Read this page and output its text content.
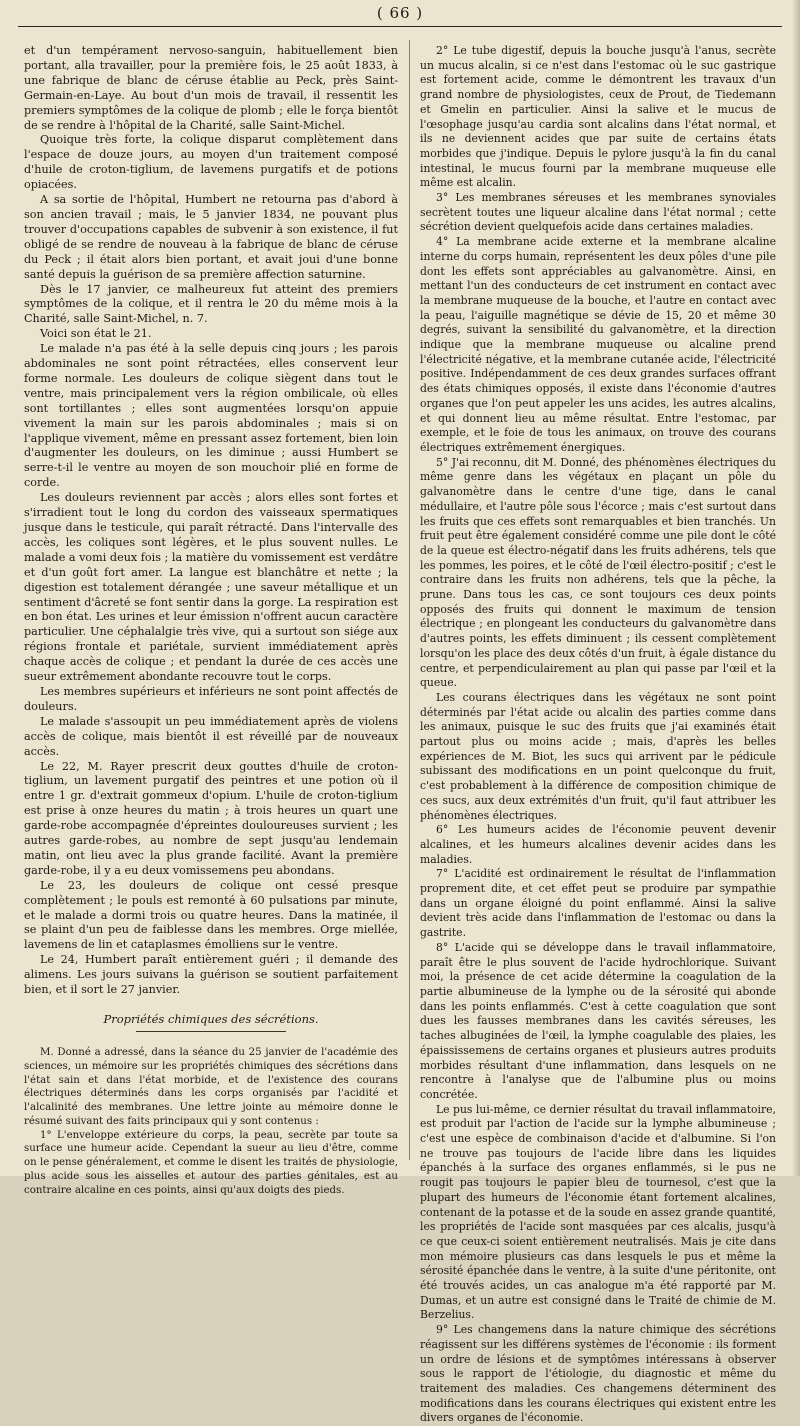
( 66 )

et d'un tempérament nervoso-sanguin, habituellement bien portant, alla travailler, pour la première fois, le 25 août 1833, à une fabrique de blanc de céruse établie au Peck, près Saint-Germain-en-Laye. Au bout d'un mois de travail, il ressentit les premiers symptômes de la colique de plomb ; elle le força bientôt de se rendre à l'hôpital de la Charité, salle Saint-Michel.

Quoique très forte, la colique disparut complètement dans l'espace de douze jours, au moyen d'un traitement composé d'huile de croton-tiglium, de lavemens purgatifs et de potions opiacées.

A sa sortie de l'hôpital, Humbert ne retourna pas d'abord à son ancien travail ; mais, le 5 janvier 1834, ne pouvant plus trouver d'occupations capables de subvenir à son existence, il fut obligé de se rendre de nouveau à la fabrique de blanc de céruse du Peck ; il était alors bien portant, et avait joui d'une bonne santé depuis la guérison de sa première affection saturnine.

Dès le 17 janvier, ce malheureux fut atteint des premiers symptômes de la colique, et il rentra le 20 du même mois à la Charité, salle Saint-Michel, n. 7.

Voici son état le 21.

Le malade n'a pas été à la selle depuis cinq jours ; les parois abdominales ne sont point rétractées, elles conservent leur forme normale. Les douleurs de colique siègent dans tout le ventre, mais principalement vers la région ombilicale, où elles sont tortillantes ; elles sont augmentées lorsqu'on appuie vivement la main sur les parois abdominales ; mais si on l'applique vivement, même en pressant assez fortement, bien loin d'augmenter les douleurs, on les diminue ; aussi Humbert se serre-t-il le ventre au moyen de son mouchoir plié en forme de corde.

Les douleurs reviennent par accès ; alors elles sont fortes et s'irradient tout le long du cordon des vaisseaux spermatiques jusque dans le testicule, qui paraît rétracté. Dans l'intervalle des accès, les coliques sont légères, et le plus souvent nulles. Le malade a vomi deux fois ; la matière du vomissement est verdâtre et d'un goût fort amer. La langue est blanchâtre et nette ; la digestion est totalement dérangée ; une saveur métallique et un sentiment d'âcreté se font sentir dans la gorge. La respiration est en bon état. Les urines et leur émission n'offrent aucun caractère particulier. Une céphalalgie très vive, qui a surtout son siége aux régions frontale et pariétale, survient immédiatement après chaque accès de colique ; et pendant la durée de ces accès une sueur extrêmement abondante recouvre tout le corps.

Les membres supérieurs et inférieurs ne sont point affectés de douleurs.

Le malade s'assoupit un peu immédiatement après de violens accès de colique, mais bientôt il est réveillé par de nouveaux accès.

Le 22, M. Rayer prescrit deux gouttes d'huile de croton-tiglium, un lavement purgatif des peintres et une potion où il entre 1 gr. d'extrait gommeux d'opium. L'huile de croton-tiglium est prise à onze heures du matin ; à trois heures un quart une garde-robe accompagnée d'épreintes douloureuses survient ; les autres garde-robes, au nombre de sept jusqu'au lendemain matin, ont lieu avec la plus grande facilité. Avant la première garde-robe, il y a eu deux vomissemens peu abondans.

Le 23, les douleurs de colique ont cessé presque complètement ; le pouls est remonté à 60 pulsations par minute, et le malade a dormi trois ou quatre heures. Dans la matinée, il se plaint d'un peu de faiblesse dans les membres. Orge miellée, lavemens de lin et cataplasmes émolliens sur le ventre.

Le 24, Humbert paraît entièrement guéri ; il demande des alimens. Les jours suivans la guérison se soutient parfaitement bien, et il sort le 27 janvier.

Propriétés chimiques des sécrétions.

M. Donné a adressé, dans la séance du 25 janvier de l'académie des sciences, un mémoire sur les propriétés chimiques des sécrétions dans l'état sain et dans l'état morbide, et de l'existence des courans électriques déterminés dans les corps organisés par l'acidité et l'alcalinité des membranes. Une lettre jointe au mémoire donne le résumé suivant des faits principaux qui y sont contenus :

1° L'enveloppe extérieure du corps, la peau, secrète par toute sa surface une humeur acide. Cependant la sueur au lieu d'être, comme on le pense généralement, et comme le disent les traités de physiologie, plus acide sous les aisselles et autour des parties génitales, est au contraire alcaline en ces points, ainsi qu'aux doigts des pieds.

2° Le tube digestif, depuis la bouche jusqu'à l'anus, secrète un mucus alcalin, si ce n'est dans l'estomac où le suc gastrique est fortement acide, comme le démontrent les travaux d'un grand nombre de physiologistes, ceux de Prout, de Tiedemann et Gmelin en particulier. Ainsi la salive et le mucus de l'œsophage jusqu'au cardia sont alcalins dans l'état normal, et ils ne deviennent acides que par suite de certains états morbides que j'indique. Depuis le pylore jusqu'à la fin du canal intestinal, le mucus fourni par la membrane muqueuse elle même est alcalin.

3° Les membranes séreuses et les membranes synoviales secrètent toutes une liqueur alcaline dans l'état normal ; cette sécrétion devient quelquefois acide dans certaines maladies.

4° La membrane acide externe et la membrane alcaline interne du corps humain, représentent les deux pôles d'une pile dont les effets sont appréciables au galvanomètre. Ainsi, en mettant l'un des conducteurs de cet instrument en contact avec la membrane muqueuse de la bouche, et l'autre en contact avec la peau, l'aiguille magnétique se dévie de 15, 20 et même 30 degrés, suivant la sensibilité du galvanomètre, et la direction indique que la membrane muqueuse ou alcaline prend l'électricité négative, et la membrane cutanée acide, l'électricité positive. Indépendamment de ces deux grandes surfaces offrant des états chimiques opposés, il existe dans l'économie d'autres organes que l'on peut appeler les uns acides, les autres alcalins, et qui donnent lieu au même résultat. Entre l'estomac, par exemple, et le foie de tous les animaux, on trouve des courans électriques extrêmement énergiques.

5° J'ai reconnu, dit M. Donné, des phénomènes électriques du même genre dans les végétaux en plaçant un pôle du galvanomètre dans le centre d'une tige, dans le canal médullaire, et l'autre pôle sous l'écorce ; mais c'est surtout dans les fruits que ces effets sont remarquables et bien tranchés. Un fruit peut être également considéré comme une pile dont le côté de la queue est électro-négatif dans les fruits adhérens, tels que les pommes, les poires, et le côté de l'œil électro-positif ; c'est le contraire dans les fruits non adhérens, tels que la pêche, la prune. Dans tous les cas, ce sont toujours ces deux points opposés des fruits qui donnent le maximum de tension électrique ; en plongeant les conducteurs du galvanomètre dans d'autres points, les effets diminuent ; ils cessent complètement lorsqu'on les place des deux côtés d'un fruit, à égale distance du centre, et perpendiculairement au plan qui passe par l'œil et la queue.

Les courans électriques dans les végétaux ne sont point déterminés par l'état acide ou alcalin des parties comme dans les animaux, puisque le suc des fruits que j'ai examinés était partout plus ou moins acide ; mais, d'après les belles expériences de M. Biot, les sucs qui arrivent par le pédicule subissant des modifications en un point quelconque du fruit, c'est probablement à la différence de composition chimique de ces sucs, aux deux extrémités d'un fruit, qu'il faut attribuer les phénomènes électriques.

6° Les humeurs acides de l'économie peuvent devenir alcalines, et les humeurs alcalines devenir acides dans les maladies.

7° L'acidité est ordinairement le résultat de l'inflammation proprement dite, et cet effet peut se produire par sympathie dans un organe éloigné du point enflammé. Ainsi la salive devient très acide dans l'inflammation de l'estomac ou dans la gastrite.

8° L'acide qui se développe dans le travail inflammatoire, paraît être le plus souvent de l'acide hydrochlorique. Suivant moi, la présence de cet acide détermine la coagulation de la partie albumineuse de la lymphe ou de la sérosité qui abonde dans les points enflammés. C'est à cette coagulation que sont dues les fausses membranes dans les cavités séreuses, les taches albuginées de l'œil, la lymphe coagulable des plaies, les épaississemens de certains organes et plusieurs autres produits morbides résultant d'une inflammation, dans lesquels on ne rencontre à l'analyse que de l'albumine plus ou moins concrétée.

Le pus lui-même, ce dernier résultat du travail inflammatoire, est produit par l'action de l'acide sur la lymphe albumineuse ; c'est une espèce de combinaison d'acide et d'albumine. Si l'on ne trouve pas toujours de l'acide libre dans les liquides épanchés à la surface des organes enflammés, si le pus ne rougit pas toujours le papier bleu de tournesol, c'est que la plupart des humeurs de l'économie étant fortement alcalines, contenant de la potasse et de la soude en assez grande quantité, les propriétés de l'acide sont masquées par ces alcalis, jusqu'à ce que ceux-ci soient entièrement neutralisés. Mais je cite dans mon mémoire plusieurs cas dans lesquels le pus et même la sérosité épanchée dans le ventre, à la suite d'une péritonite, ont été trouvés acides, un cas analogue m'a été rapporté par M. Dumas, et un autre est consigné dans le Traité de chimie de M. Berzelius.

9° Les changemens dans la nature chimique des sécrétions réagissent sur les différens systèmes de l'économie : ils forment un ordre de lésions et de symptômes intéressans à observer sous le rapport de l'étiologie, du diagnostic et même du traitement des maladies. Ces changemens déterminent des modifications dans les courans électriques qui existent entre les divers organes de l'économie.
